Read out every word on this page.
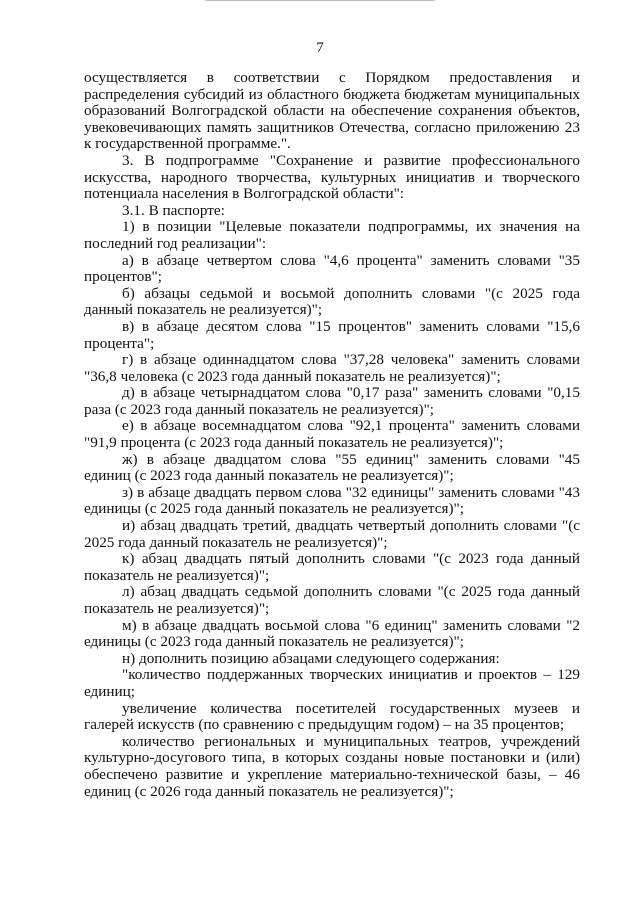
7

осуществляется в соответствии с Порядком предоставления и распределения субсидий из областного бюджета бюджетам муниципальных образований Волгоградской области на обеспечение сохранения объектов, увековечивающих память защитников Отечества, согласно приложению 23 к государственной программе.".

3. В подпрограмме "Сохранение и развитие профессионального искусства, народного творчества, культурных инициатив и творческого потенциала населения в Волгоградской области":

3.1. В паспорте:

1) в позиции "Целевые показатели подпрограммы, их значения на последний год реализации":

а) в абзаце четвертом слова "4,6 процента" заменить словами "35 процентов";

б) абзацы седьмой и восьмой дополнить словами "(с 2025 года данный показатель не реализуется)";

в) в абзаце десятом слова "15 процентов" заменить словами "15,6 процента";

г) в абзаце одиннадцатом слова "37,28 человека" заменить словами "36,8 человека (с 2023 года данный показатель не реализуется)";

д) в абзаце четырнадцатом слова "0,17 раза" заменить словами "0,15 раза (с 2023 года данный показатель не реализуется)";

е) в абзаце восемнадцатом слова "92,1 процента" заменить словами "91,9 процента (с 2023 года данный показатель не реализуется)";

ж) в абзаце двадцатом слова "55 единиц" заменить словами "45 единиц (с 2023 года данный показатель не реализуется)";

з) в абзаце двадцать первом слова "32 единицы" заменить словами "43 единицы (с 2025 года данный показатель не реализуется)";

и) абзац двадцать третий, двадцать четвертый дополнить словами "(с 2025 года данный показатель не реализуется)";

к) абзац двадцать пятый дополнить словами "(с 2023 года данный показатель не реализуется)";

л) абзац двадцать седьмой дополнить словами "(с 2025 года данный показатель не реализуется)";

м) в абзаце двадцать восьмой слова "6 единиц" заменить словами "2 единицы (с 2023 года данный показатель не реализуется)";

н) дополнить позицию абзацами следующего содержания:

"количество поддержанных творческих инициатив и проектов – 129 единиц;

увеличение количества посетителей государственных музеев и галерей искусств (по сравнению с предыдущим годом) – на 35 процентов;

количество региональных и муниципальных театров, учреждений культурно-досугового типа, в которых созданы новые постановки и (или) обеспечено развитие и укрепление материально-технической базы, – 46 единиц (с 2026 года данный показатель не реализуется)";
